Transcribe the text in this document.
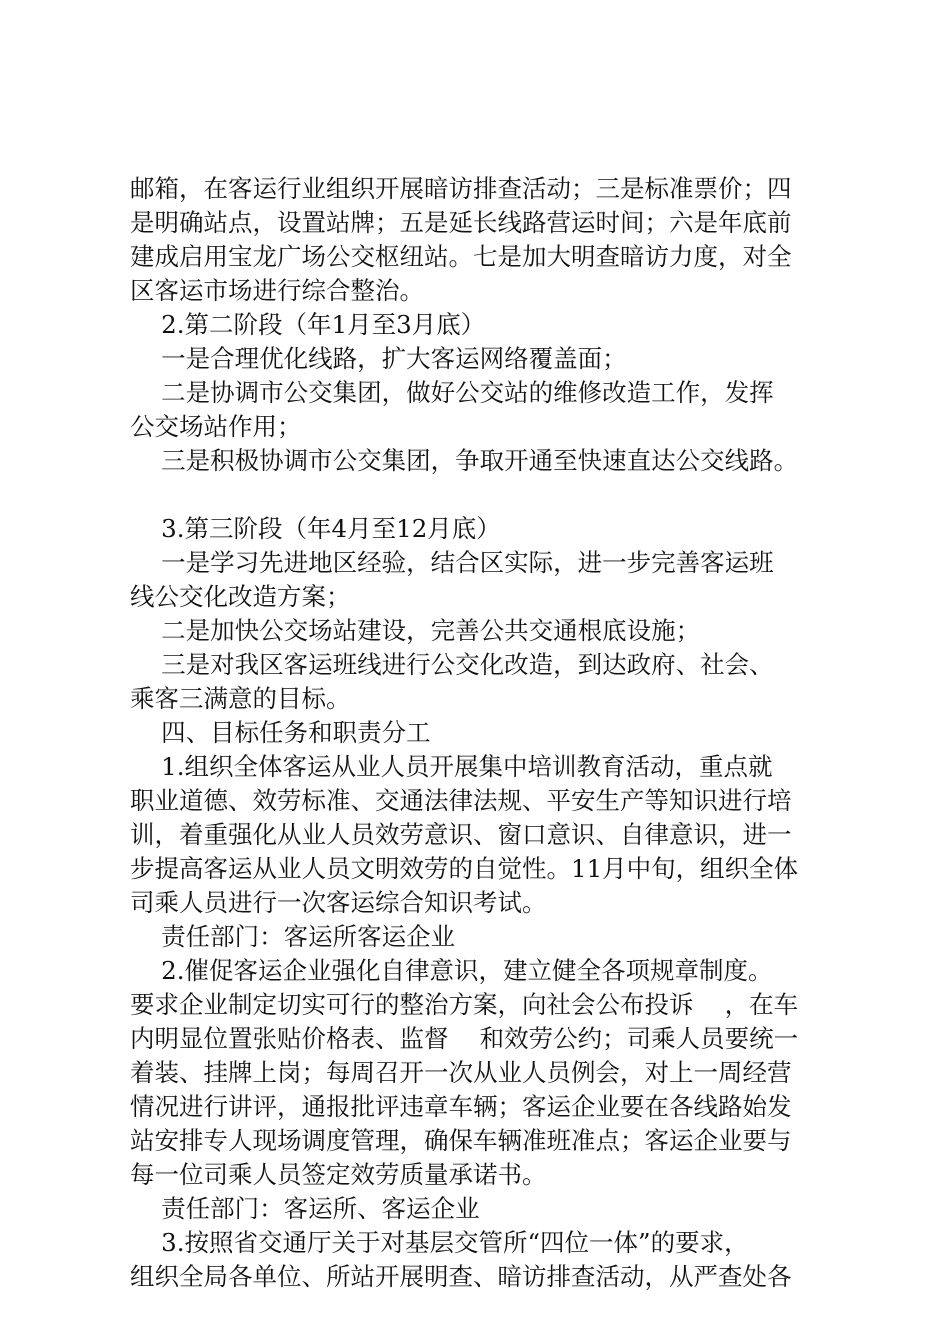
邮箱，在客运行业组织开展暗访排查活动；三是标准票价；四
是明确站点，设置站牌；五是延长线路营运时间；六是年底前
建成启用宝龙广场公交枢纽站。七是加大明查暗访力度，对全
区客运市场进行综合整治。
2.第二阶段（年1月至3月底）
一是合理优化线路，扩大客运网络覆盖面；
二是协调市公交集团，做好公交站的维修改造工作，发挥
公交场站作用；
三是积极协调市公交集团，争取开通至快速直达公交线路。
3.第三阶段（年4月至12月底）
一是学习先进地区经验，结合区实际，进一步完善客运班
线公交化改造方案；
二是加快公交场站建设，完善公共交通根底设施；
三是对我区客运班线进行公交化改造，到达政府、社会、
乘客三满意的目标。
四、目标任务和职责分工
1.组织全体客运从业人员开展集中培训教育活动，重点就
职业道德、效劳标准、交通法律法规、平安生产等知识进行培
训，着重强化从业人员效劳意识、窗口意识、自律意识，进一
步提高客运从业人员文明效劳的自觉性。11月中旬，组织全体
司乘人员进行一次客运综合知识考试。
责任部门：客运所客运企业
2.催促客运企业强化自律意识，建立健全各项规章制度。
要求企业制定切实可行的整治方案，向社会公布投诉    ，在车
内明显位置张贴价格表、监督    和效劳公约；司乘人员要统一
着装、挂牌上岗；每周召开一次从业人员例会，对上一周经营
情况进行讲评，通报批评违章车辆；客运企业要在各线路始发
站安排专人现场调度管理，确保车辆准班准点；客运企业要与
每一位司乘人员签定效劳质量承诺书。
责任部门：客运所、客运企业
3.按照省交通厅关于对基层交管所“四位一体”的要求，
组织全局各单位、所站开展明查、暗访排查活动，从严查处各
